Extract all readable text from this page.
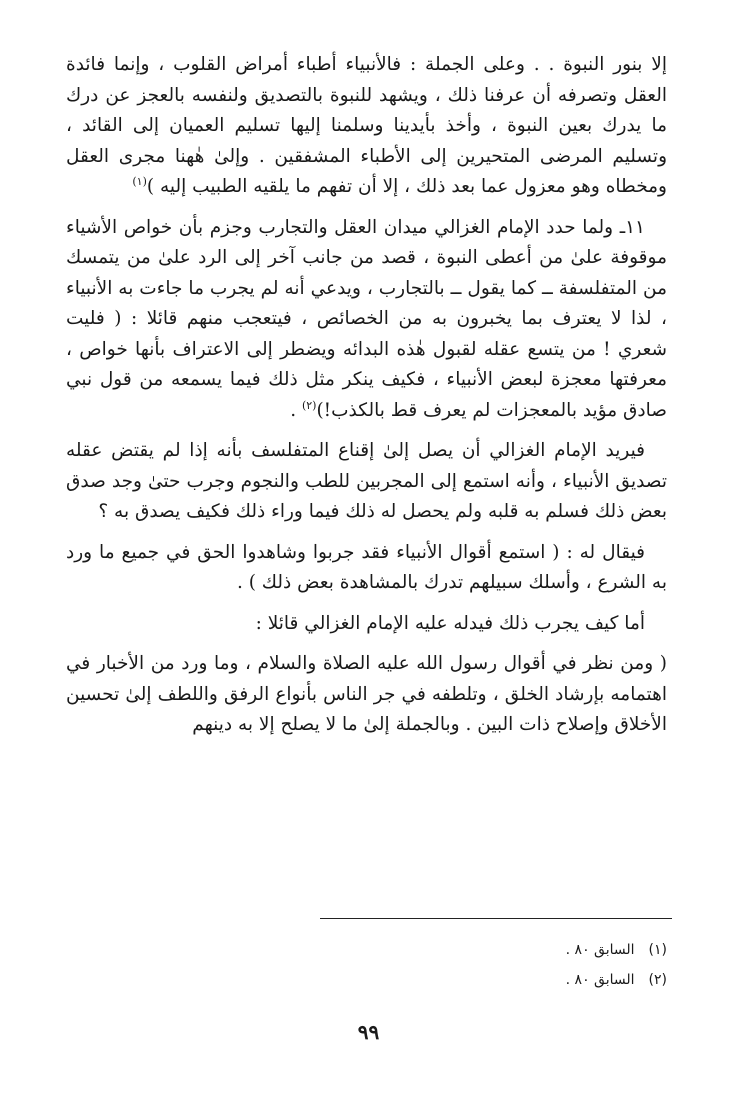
إلا بنور النبوة . . وعلى الجملة : فالأنبياء أطباء أمراض القلوب ، وإنما فائدة العقل وتصرفه أن عرفنا ذلك ، ويشهد للنبوة بالتصديق ولنفسه بالعجز عن درك ما يدرك بعين النبوة ، وأخذ بأيدينا وسلمنا إليها تسليم العميان إلى القائد ، وتسليم المرضى المتحيرين إلى الأطباء المشفقين . وإلىٰ هٰهنا مجرى العقل ومخطاه وهو معزول عما بعد ذلك ، إلا أن تفهم ما يلقيه الطبيب إليه )$^{(١)}$

١١ـ ولما حدد الإمام الغزالي ميدان العقل والتجارب وجزم بأن خواص الأشياء موقوفة علىٰ من أعطى النبوة ، قصد من جانب آخر إلى الرد علىٰ من يتمسك من المتفلسفة ــ كما يقول ــ بالتجارب ، ويدعي أنه لم يجرب ما جاءت به الأنبياء ، لذا لا يعترف بما يخبرون به من الخصائص ، فيتعجب منهم قائلا : ( فليت شعري ! من يتسع عقله لقبول هٰذه البدائه ويضطر إلى الاعتراف بأنها خواص ، معرفتها معجزة لبعض الأنبياء ، فكيف ينكر مثل ذلك فيما يسمعه من قول نبي صادق مؤيد بالمعجزات لم يعرف قط بالكذب!)$^{(٢)}$ .

فيريد الإمام الغزالي أن يصل إلىٰ إقناع المتفلسف بأنه إذا لم يقتض عقله تصديق الأنبياء ، وأنه استمع إلى المجربين للطب والنجوم وجرب حتىٰ وجد صدق بعض ذلك فسلم به قلبه ولم يحصل له ذلك فيما وراء ذلك فكيف يصدق به ؟

فيقال له : ( استمع أقوال الأنبياء فقد جربوا وشاهدوا الحق في جميع ما ورد به الشرع ، وأسلك سبيلهم تدرك بالمشاهدة بعض ذلك ) .

أما كيف يجرب ذلك فيدله عليه الإمام الغزالي قائلا :

( ومن نظر في أقوال رسول الله عليه الصلاة والسلام ، وما ورد من الأخبار في اهتمامه بإرشاد الخلق ، وتلطفه في جر الناس بأنواع الرفق واللطف إلىٰ تحسين الأخلاق وإصلاح ذات البين . وبالجملة إلىٰ ما لا يصلح إلا به دينهم

(١)السابق ٨٠ .
(٢)السابق ٨٠ .
٩٩
